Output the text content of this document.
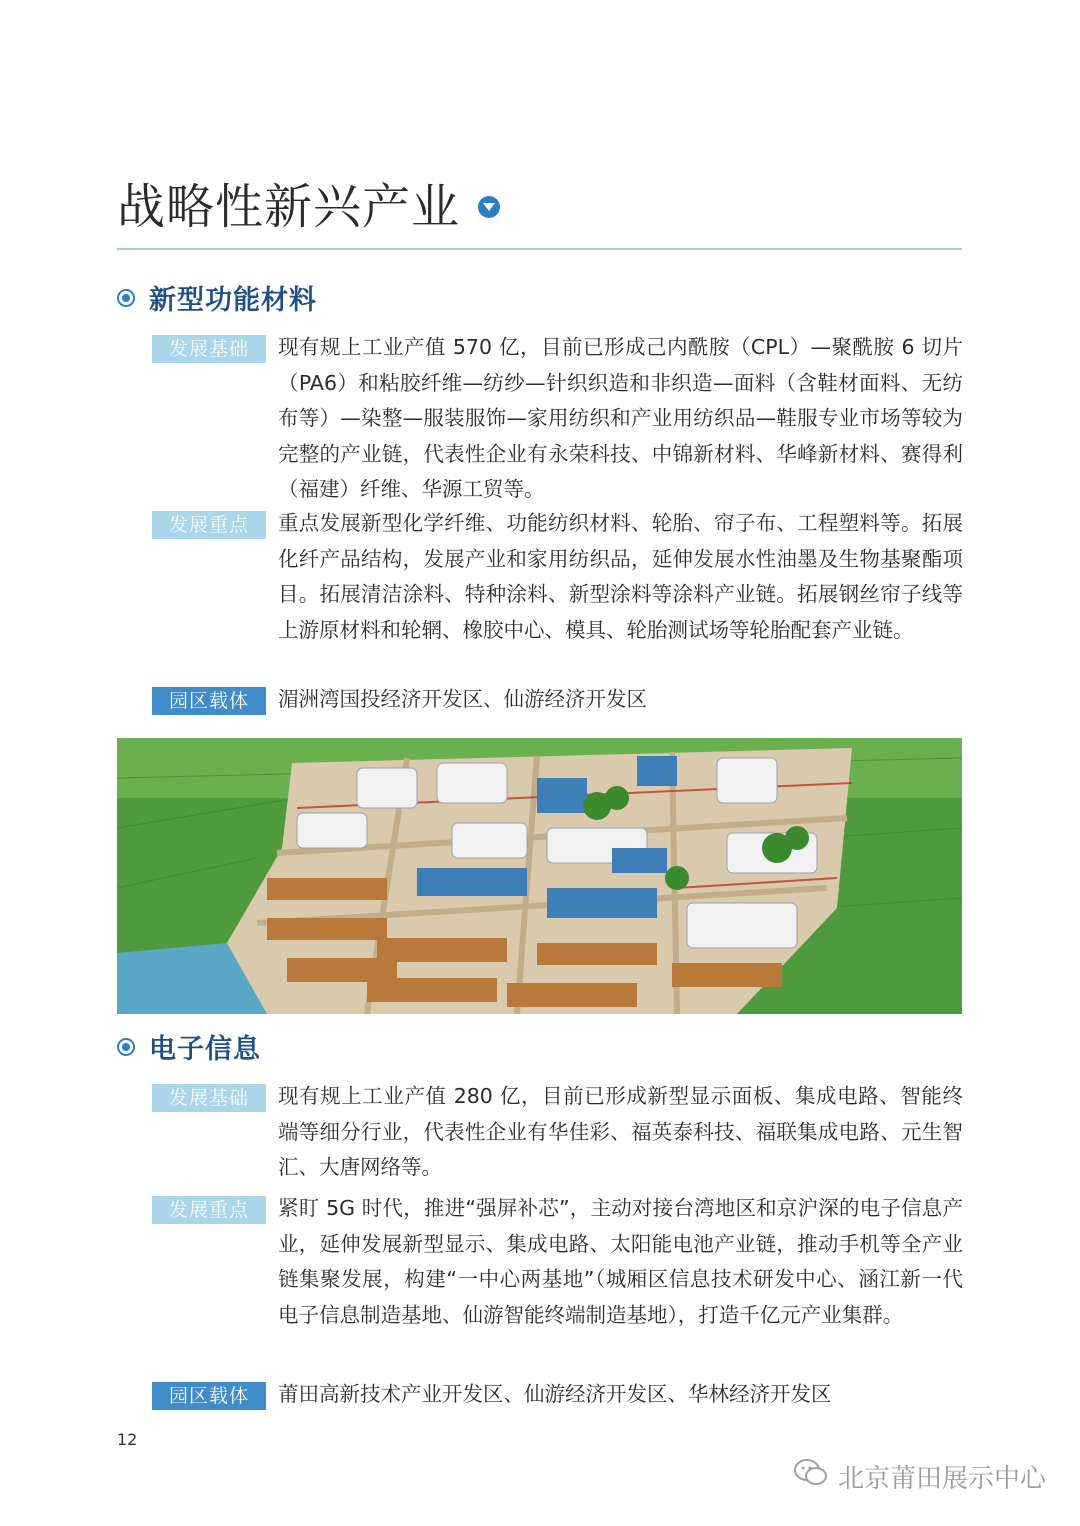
战略性新兴产业
新型功能材料
发展基础	现有规上工业产值 570 亿，目前已形成己内酰胺（CPL）—聚酰胺 6 切片（PA6）和粘胶纤维—纺纱—针织织造和非织造—面料（含鞋材面料、无纺布等）—染整—服装服饰—家用纺织和产业用纺织品—鞋服专业市场等较为完整的产业链，代表性企业有永荣科技、中锦新材料、华峰新材料、赛得利（福建）纤维、华源工贸等。
发展重点	重点发展新型化学纤维、功能纺织材料、轮胎、帘子布、工程塑料等。拓展化纤产品结构，发展产业和家用纺织品，延伸发展水性油墨及生物基聚酯项目。拓展清洁涂料、特种涂料、新型涂料等涂料产业链。拓展钢丝帘子线等上游原材料和轮辋、橡胶中心、模具、轮胎测试场等轮胎配套产业链。
园区载体	湄洲湾国投经济开发区、仙游经济开发区
电子信息
发展基础	现有规上工业产值 280 亿，目前已形成新型显示面板、集成电路、智能终端等细分行业，代表性企业有华佳彩、福英泰科技、福联集成电路、元生智汇、大唐网络等。
发展重点	紧盯 5G 时代，推进“强屏补芯”，主动对接台湾地区和京沪深的电子信息产业，延伸发展新型显示、集成电路、太阳能电池产业链，推动手机等全产业链集聚发展，构建“一中心两基地”（城厢区信息技术研发中心、涵江新一代电子信息制造基地、仙游智能终端制造基地），打造千亿元产业集群。
园区载体	莆田高新技术产业开发区、仙游经济开发区、华林经济开发区
12
北京莆田展示中心
